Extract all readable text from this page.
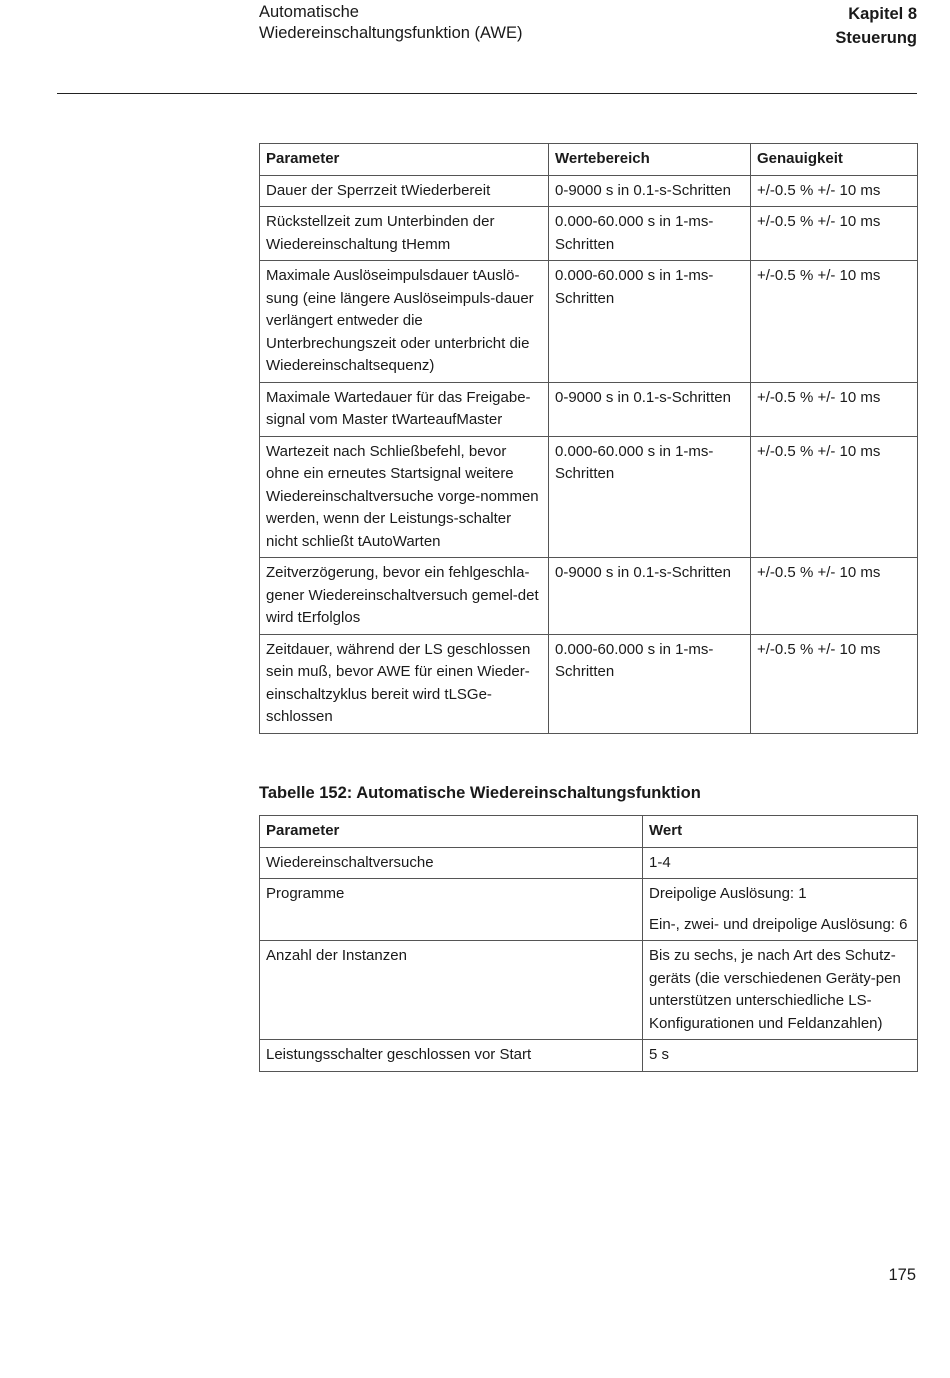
Automatische
Wiedereinschaltungsfunktion (AWE)
Kapitel 8
Steuerung
Parameter	Wertebereich	Genauigkeit
Dauer der Sperrzeit tWiederbereit	0-9000 s in 0.1-s-Schritten	+/-0.5 % +/- 10 ms
Rückstellzeit zum Unterbinden der Wiedereinschaltung tHemm	0.000-60.000 s in 1-ms-Schritten	+/-0.5 % +/- 10 ms
Maximale Auslöseimpulsdauer tAuslö-sung (eine längere Auslöseimpuls-dauer verlängert entweder die Unterbrechungszeit oder unterbricht die Wiedereinschaltsequenz)	0.000-60.000 s in 1-ms-Schritten	+/-0.5 % +/- 10 ms
Maximale Wartedauer für das Freigabe-signal vom Master tWarteaufMaster	0-9000 s in 0.1-s-Schritten	+/-0.5 % +/- 10 ms
Wartezeit nach Schließbefehl, bevor ohne ein erneutes Startsignal weitere Wiedereinschaltversuche vorge-nommen werden, wenn der Leistungs-schalter nicht schließt tAutoWarten	0.000-60.000 s in 1-ms-Schritten	+/-0.5 % +/- 10 ms
Zeitverzögerung, bevor ein fehlgeschla-gener Wiedereinschaltversuch gemel-det wird tErfolglos	0-9000 s in 0.1-s-Schritten	+/-0.5 % +/- 10 ms
Zeitdauer, während der LS geschlossen sein muß, bevor AWE für einen Wieder-einschaltzyklus bereit wird tLSGe-schlossen	0.000-60.000 s in 1-ms-Schritten	+/-0.5 % +/- 10 ms
Tabelle 152: Automatische Wiedereinschaltungsfunktion
Parameter	Wert
Wiedereinschaltversuche	1-4

Programme	Dreipolige Auslösung: 1

Ein-, zwei- und dreipolige Auslösung: 6

Anzahl der Instanzen	Bis zu sechs, je nach Art des Schutz-geräts (die verschiedenen Geräty-pen unterstützen unterschiedliche LS-Konfigurationen und Feldanzahlen)

Leistungsschalter geschlossen vor Start	5 s

175
